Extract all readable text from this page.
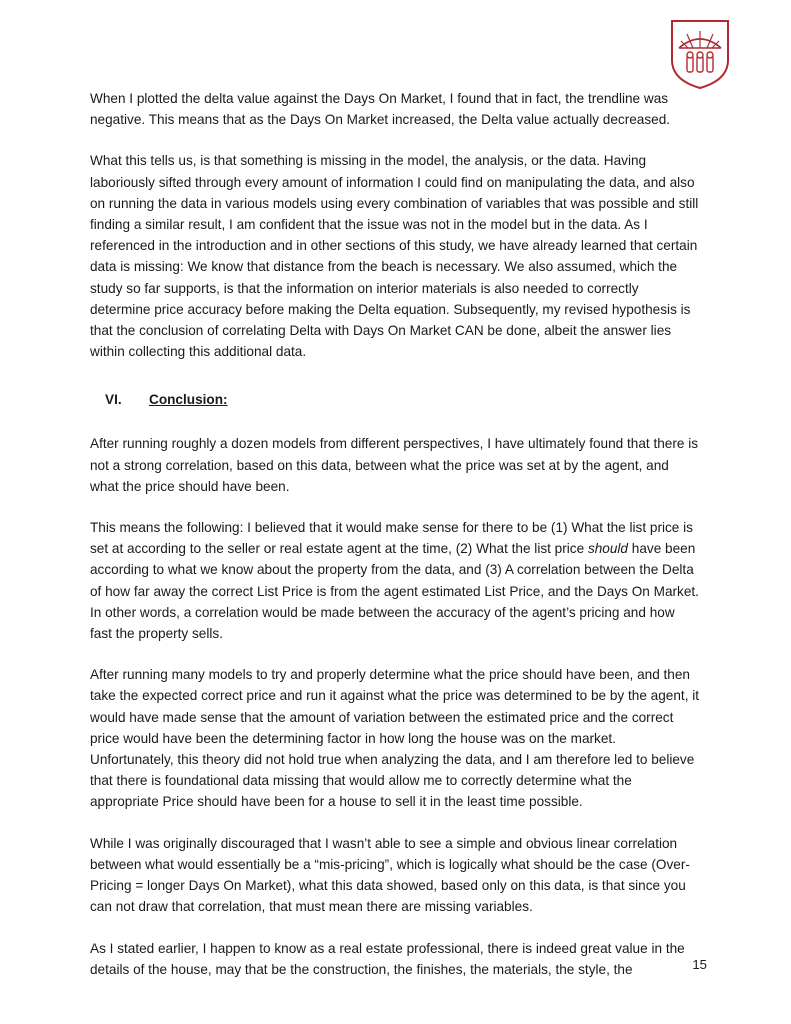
When I plotted the delta value against the Days On Market, I found that in fact, the trendline was negative. This means that as the Days On Market increased, the Delta value actually decreased.

What this tells us, is that something is missing in the model, the analysis, or the data. Having laboriously sifted through every amount of information I could find on manipulating the data, and also on running the data in various models using every combination of variables that was possible and still finding a similar result, I am confident that the issue was not in the model but in the data. As I referenced in the introduction and in other sections of this study, we have already learned that certain data is missing: We know that distance from the beach is necessary. We also assumed, which the study so far supports, is that the information on interior materials is also needed to correctly determine price accuracy before making the Delta equation. Subsequently, my revised hypothesis is that the conclusion of correlating Delta with Days On Market CAN be done, albeit the answer lies within collecting this additional data.

VI.	Conclusion:

After running roughly a dozen models from different perspectives, I have ultimately found that there is not a strong correlation, based on this data, between what the price was set at by the agent, and what the price should have been.

This means the following: I believed that it would make sense for there to be (1) What the list price is set at according to the seller or real estate agent at the time, (2) What the list price should have been according to what we know about the property from the data, and (3) A correlation between the Delta of how far away the correct List Price is from the agent estimated List Price, and the Days On Market. In other words, a correlation would be made between the accuracy of the agent’s pricing and how fast the property sells.

After running many models to try and properly determine what the price should have been, and then take the expected correct price and run it against what the price was determined to be by the agent, it would have made sense that the amount of variation between the estimated price and the correct price would have been the determining factor in how long the house was on the market. Unfortunately, this theory did not hold true when analyzing the data, and I am therefore led to believe that there is foundational data missing that would allow me to correctly determine what the appropriate Price should have been for a house to sell it in the least time possible.

While I was originally discouraged that I wasn’t able to see a simple and obvious linear correlation between what would essentially be a “mis-pricing”, which is logically what should be the case (Over-Pricing = longer Days On Market), what this data showed, based only on this data, is that since you can not draw that correlation, that must mean there are missing variables.

As I stated earlier, I happen to know as a real estate professional, there is indeed great value in the details of the house, may that be the construction, the finishes, the materials, the style, the	15
